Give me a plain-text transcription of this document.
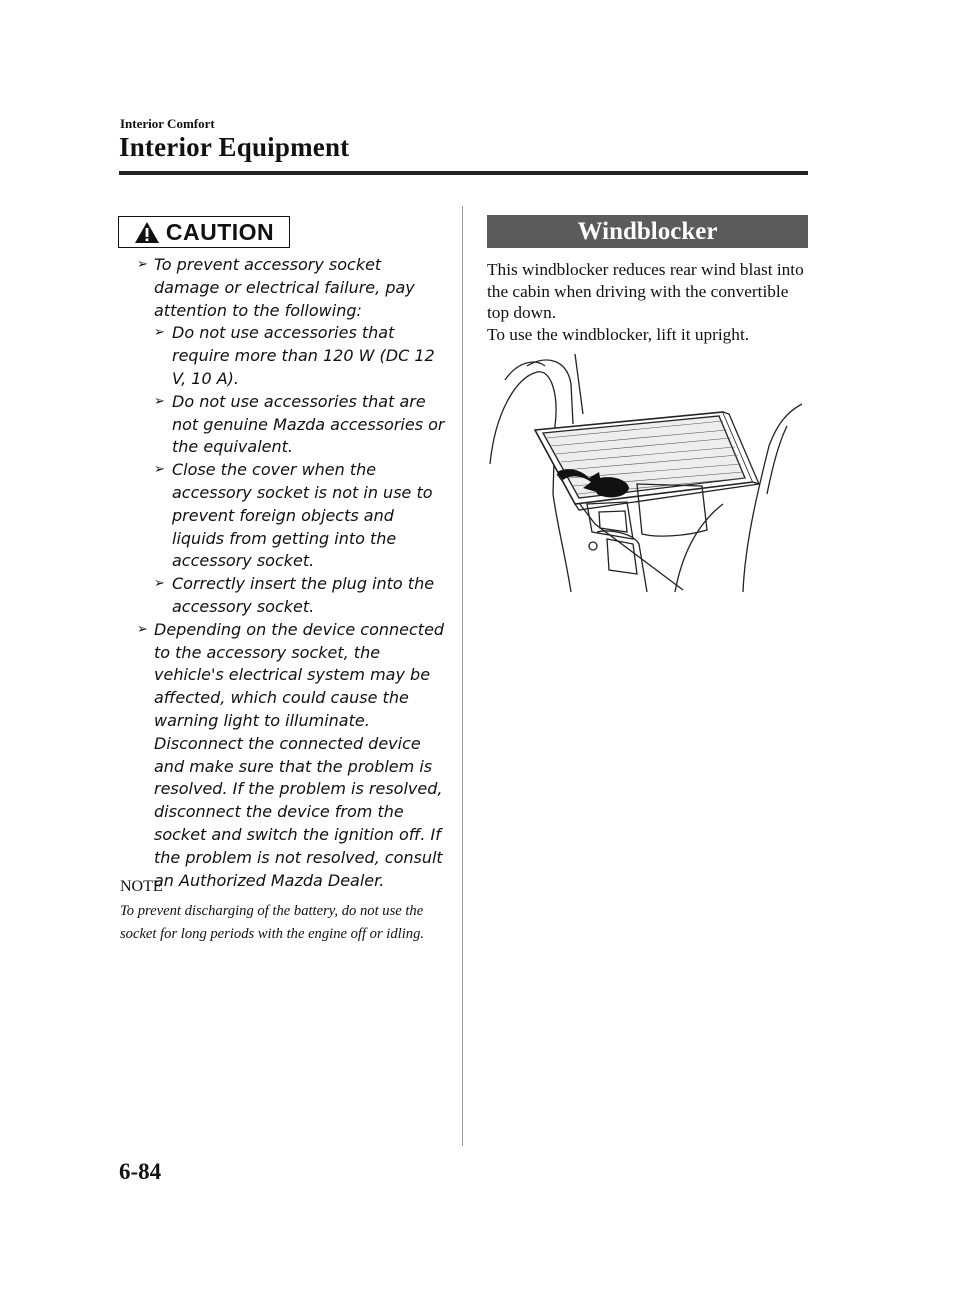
Interior Comfort
Interior Equipment
CAUTION
➢ To prevent accessory socket damage or electrical failure, pay attention to the following:
➢ Do not use accessories that require more than 120 W (DC 12 V, 10 A).
➢ Do not use accessories that are not genuine Mazda accessories or the equivalent.
➢ Close the cover when the accessory socket is not in use to prevent foreign objects and liquids from getting into the accessory socket.
➢ Correctly insert the plug into the accessory socket.
➢ Depending on the device connected to the accessory socket, the vehicle's electrical system may be affected, which could cause the warning light to illuminate. Disconnect the connected device and make sure that the problem is resolved. If the problem is resolved, disconnect the device from the socket and switch the ignition off. If the problem is not resolved, consult an Authorized Mazda Dealer.
NOTE
To prevent discharging of the battery, do not use the socket for long periods with the engine off or idling.
Windblocker
This windblocker reduces rear wind blast into the cabin when driving with the convertible top down.
To use the windblocker, lift it upright.
6-84
